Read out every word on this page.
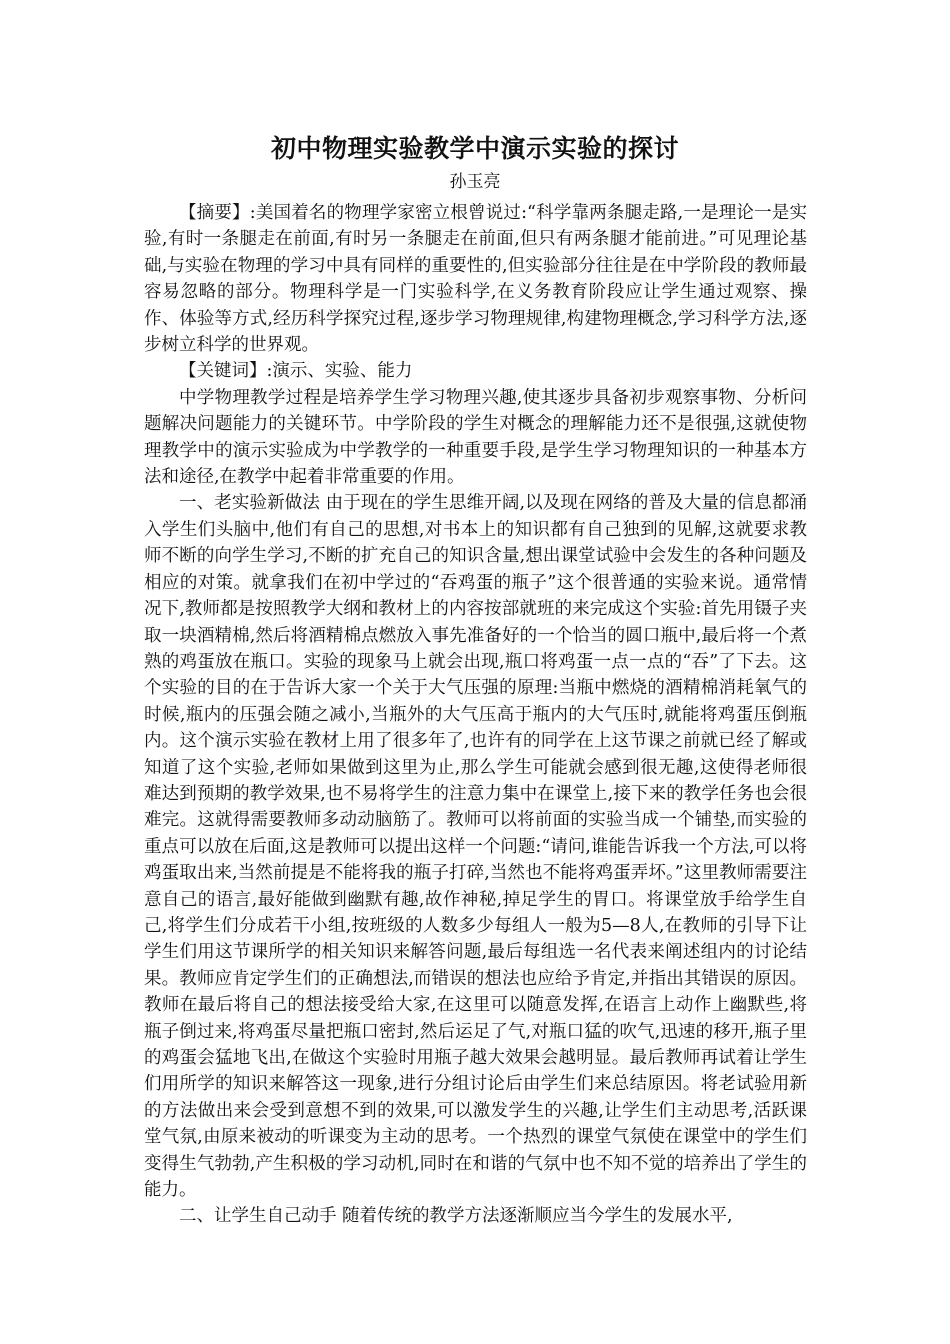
初中物理实验教学中演示实验的探讨

孙玉亮

【摘要】:美国着名的物理学家密立根曾说过:“科学靠两条腿走路,一是理论一是实验,有时一条腿走在前面,有时另一条腿走在前面,但只有两条腿才能前进。”可见理论基础,与实验在物理的学习中具有同样的重要性的,但实验部分往往是在中学阶段的教师最容易忽略的部分。物理科学是一门实验科学,在义务教育阶段应让学生通过观察、操作、体验等方式,经历科学探究过程,逐步学习物理规律,构建物理概念,学习科学方法,逐步树立科学的世界观。

【关键词】:演示、实验、能力

中学物理教学过程是培养学生学习物理兴趣,使其逐步具备初步观察事物、分析问题解决问题能力的关键环节。中学阶段的学生对概念的理解能力还不是很强,这就使物理教学中的演示实验成为中学教学的一种重要手段,是学生学习物理知识的一种基本方法和途径,在教学中起着非常重要的作用。

一、老实验新做法 由于现在的学生思维开阔,以及现在网络的普及大量的信息都涌入学生们头脑中,他们有自己的思想,对书本上的知识都有自己独到的见解,这就要求教师不断的向学生学习,不断的扩充自己的知识含量,想出课堂试验中会发生的各种问题及相应的对策。就拿我们在初中学过的“吞鸡蛋的瓶子”这个很普通的实验来说。通常情况下,教师都是按照教学大纲和教材上的内容按部就班的来完成这个实验:首先用镊子夹取一块酒精棉,然后将酒精棉点燃放入事先准备好的一个恰当的圆口瓶中,最后将一个煮熟的鸡蛋放在瓶口。实验的现象马上就会出现,瓶口将鸡蛋一点一点的“吞”了下去。这个实验的目的在于告诉大家一个关于大气压强的原理:当瓶中燃烧的酒精棉消耗氧气的时候,瓶内的压强会随之减小,当瓶外的大气压高于瓶内的大气压时,就能将鸡蛋压倒瓶内。这个演示实验在教材上用了很多年了,也许有的同学在上这节课之前就已经了解或知道了这个实验,老师如果做到这里为止,那么学生可能就会感到很无趣,这使得老师很难达到预期的教学效果,也不易将学生的注意力集中在课堂上,接下来的教学任务也会很难完。这就得需要教师多动动脑筋了。教师可以将前面的实验当成一个铺垫,而实验的重点可以放在后面,这是教师可以提出这样一个问题:“请问,谁能告诉我一个方法,可以将鸡蛋取出来,当然前提是不能将我的瓶子打碎,当然也不能将鸡蛋弄坏。”这里教师需要注意自己的语言,最好能做到幽默有趣,故作神秘,掉足学生的胃口。将课堂放手给学生自己,将学生们分成若干小组,按班级的人数多少每组人一般为5—8人,在教师的引导下让学生们用这节课所学的相关知识来解答问题,最后每组选一名代表来阐述组内的讨论结果。教师应肯定学生们的正确想法,而错误的想法也应给予肯定,并指出其错误的原因。教师在最后将自己的想法接受给大家,在这里可以随意发挥,在语言上动作上幽默些,将瓶子倒过来,将鸡蛋尽量把瓶口密封,然后运足了气,对瓶口猛的吹气,迅速的移开,瓶子里的鸡蛋会猛地飞出,在做这个实验时用瓶子越大效果会越明显。最后教师再试着让学生们用所学的知识来解答这一现象,进行分组讨论后由学生们来总结原因。将老试验用新的方法做出来会受到意想不到的效果,可以激发学生的兴趣,让学生们主动思考,活跃课堂气氛,由原来被动的听课变为主动的思考。一个热烈的课堂气氛使在课堂中的学生们变得生气勃勃,产生积极的学习动机,同时在和谐的气氛中也不知不觉的培养出了学生的能力。

二、让学生自己动手 随着传统的教学方法逐渐顺应当今学生的发展水平,
